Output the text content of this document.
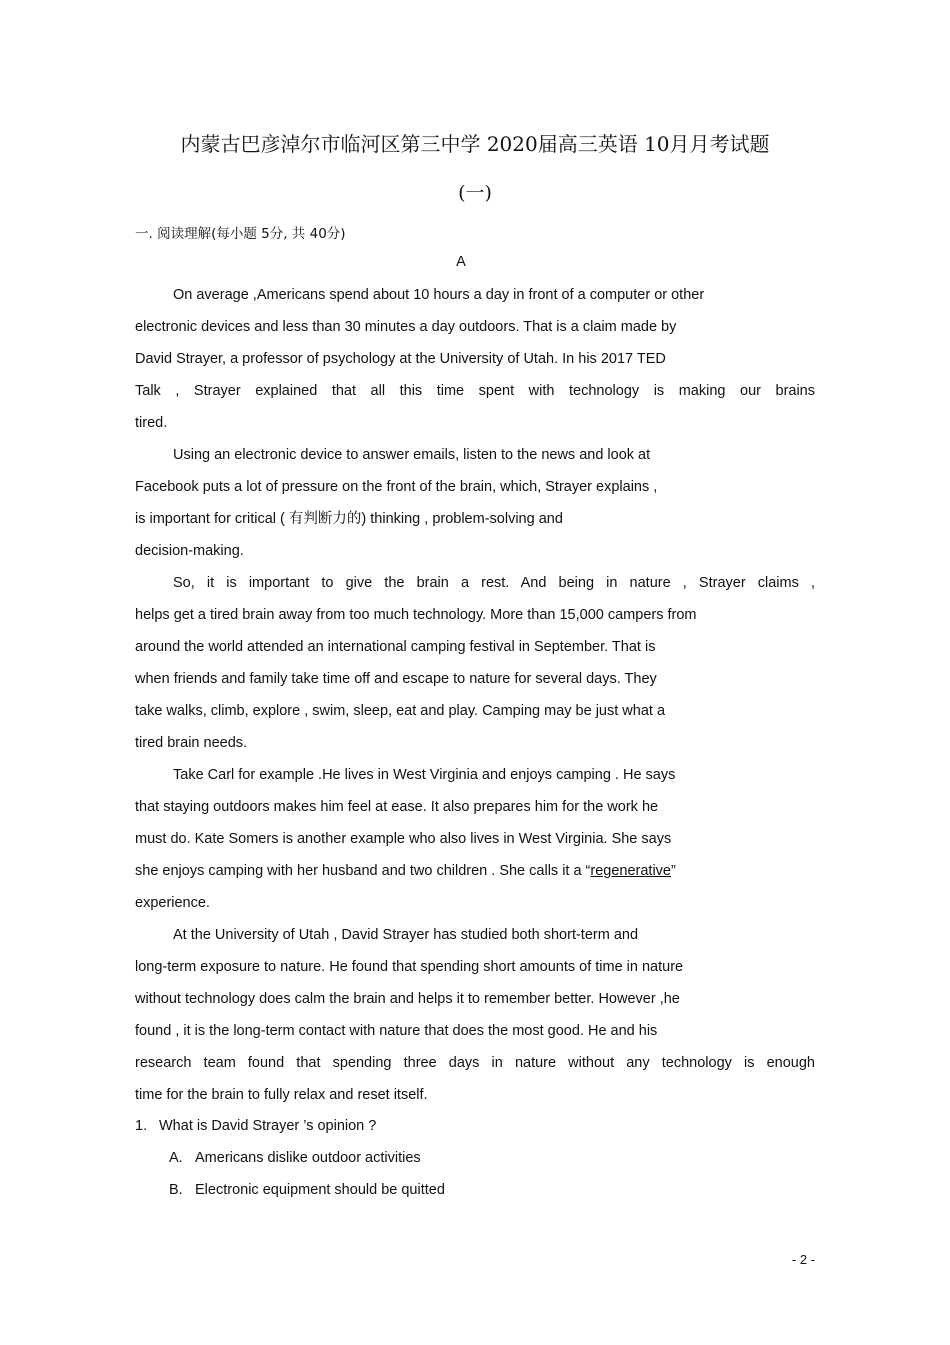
内蒙古巴彦淖尔市临河区第三中学 2020届高三英语 10月月考试题
(一)
一. 阅读理解(每小题 5分, 共 40分)
A
On average ,Americans spend about 10 hours a day in front of a computer or other
electronic devices and less than 30 minutes a day outdoors. That is a claim made by
David Strayer, a professor of psychology at the University of Utah. In his 2017 TED
Talk , Strayer explained that all this time spent with technology is making our brains
tired.
Using an electronic device to answer emails, listen to the news and look at
Facebook puts a lot of pressure on the front of the brain, which, Strayer explains ,
is important for critical ( 有判断力的) thinking , problem-solving and
decision-making.
So, it is important to give the brain a rest. And being in nature , Strayer claims ,
helps get a tired brain away from too much technology. More than 15,000 campers from
around the world attended an international camping festival in September. That is
when friends and family take time off and escape to nature for several days. They
take walks, climb, explore , swim, sleep, eat and play. Camping may be just what a
tired brain needs.
Take Carl for example .He lives in West Virginia and enjoys camping . He says
that staying outdoors makes him feel at ease. It also prepares him for the work he
must do. Kate Somers is another example who also lives in West Virginia. She says
she enjoys camping with her husband and two children . She calls it a “regenerative”
experience.
At the University of Utah , David Strayer has studied both short-term and
long-term exposure to nature. He found that spending short amounts of time in nature
without technology does calm the brain and helps it to remember better. However ,he
found , it is the long-term contact with nature that does the most good. He and his
research team found that spending three days in nature without any technology is enough
time for the brain to fully relax and reset itself.
1. What is David Strayer ’s opinion ?
A. Americans dislike outdoor activities
B. Electronic equipment should be quitted
- 2 -
